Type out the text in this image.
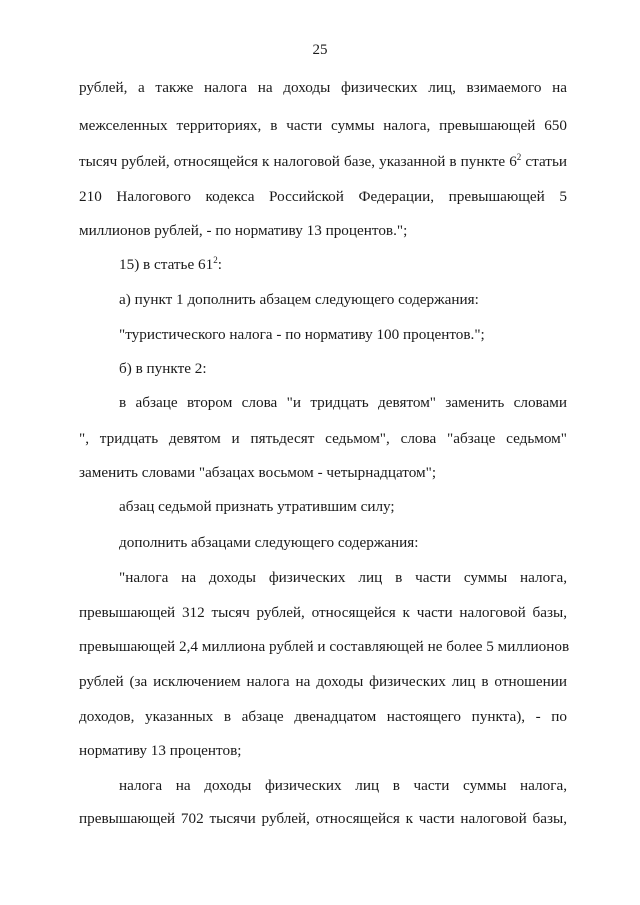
25
рублей, а также налога на доходы физических лиц, взимаемого на
межселенных территориях, в части суммы налога, превышающей 650
тысяч рублей, относящейся к налоговой базе, указанной в пункте $6^2$ статьи
210 Налогового кодекса Российской Федерации, превышающей 5
миллионов рублей, - по нормативу 13 процентов.";
15) в статье $61^2$:
а) пункт 1 дополнить абзацем следующего содержания:
"туристического налога - по нормативу 100 процентов.";
б) в пункте 2:
в абзаце втором слова "и тридцать девятом" заменить словами
", тридцать девятом и пятьдесят седьмом", слова "абзаце седьмом"
заменить словами "абзацах восьмом - четырнадцатом";
абзац седьмой признать утратившим силу;
дополнить абзацами следующего содержания:
"налога на доходы физических лиц в части суммы налога,
превышающей 312 тысяч рублей, относящейся к части налоговой базы,
превышающей 2,4 миллиона рублей и составляющей не более 5 миллионов
рублей (за исключением налога на доходы физических лиц в отношении
доходов, указанных в абзаце двенадцатом настоящего пункта), - по
нормативу 13 процентов;
налога на доходы физических лиц в части суммы налога,
превышающей 702 тысячи рублей, относящейся к части налоговой базы,
